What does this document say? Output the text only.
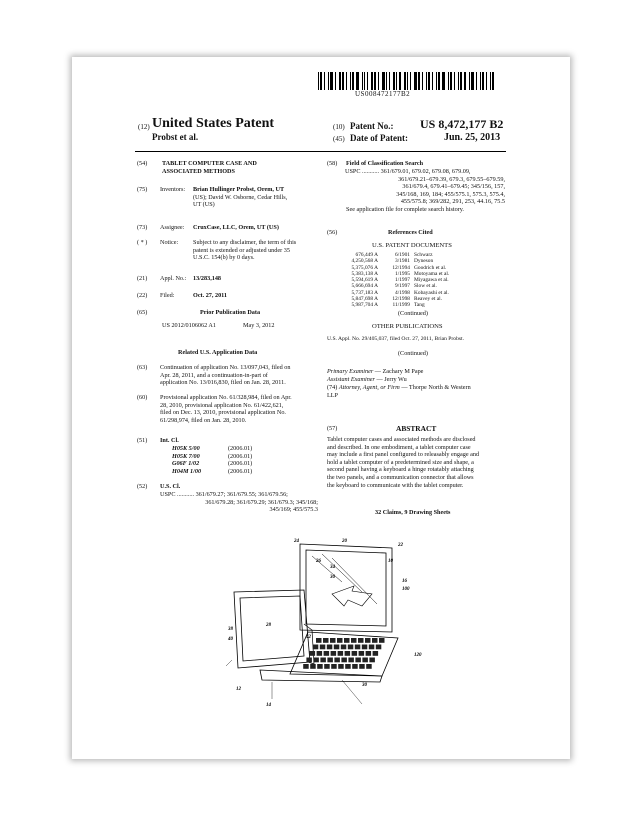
US008472177B2
(12) United States Patent
Probst et al.
(10) Patent No.: US 8,472,177 B2
(45) Date of Patent:	Jun. 25, 2013
(54) TABLET COMPUTER CASE AND
ASSOCIATED METHODS
(75) Inventors: Brian Hullinger Probst, Orem, UT
(US); David W. Osborne, Cedar Hills,
UT (US)
(73) Assignee: CruxCase, LLC, Orem, UT (US)
( * ) Notice: Subject to any disclaimer, the term of this
patent is extended or adjusted under 35
U.S.C. 154(b) by 0 days.
(21) Appl. No.: 13/283,148
(22) Filed:	Oct. 27, 2011
(65)	Prior Publication Data
US 2012/0106062 A1	May 3, 2012
Related U.S. Application Data
(63) Continuation of application No. 13/097,043, filed on
Apr. 28, 2011, and a continuation-in-part of
application No. 13/016,830, filed on Jan. 28, 2011.
(60) Provisional application No. 61/328,984, filed on Apr.
28, 2010, provisional application No. 61/422,621,
filed on Dec. 13, 2010, provisional application No.
61/298,974, filed on Jan. 28, 2010.
(51) Int. Cl.
H05K 5/00	(2006.01)
H05K 7/00	(2006.01)
G06F 1/02	(2006.01)
H04M 1/00	(2006.01)
(52) U.S. Cl.
USPC ........... 361/679.27; 361/679.55; 361/679.56;
361/679.28; 361/679.29; 361/679.3; 345/168;
345/169; 455/575.3
(58) Field of Classification Search
USPC ........... 361/679.01, 679.02, 679.08, 679.09,
361/679.21–679.39, 679.3, 679.55–679.59,
361/679.4, 679.41–679.45; 345/156, 157,
345/168, 169, 184; 455/575.1, 575.3, 575.4,
455/575.8; 369/282, 291, 253, 44.16, 75.5
See application file for complete search history.
(56)	References Cited
U.S. PATENT DOCUMENTS
676,449 A	6/1901 Schwarz
4,250,568 A	3/1981 Dyneson
5,375,076 A	12/1994 Goodrich et al.
5,383,138 A	1/1995 Motoyama et al.
5,594,619 A	1/1997 Miyagawa et al.
5,666,694 A	9/1997 Slow et al.
5,737,183 A	4/1998 Kobayashi et al.
5,847,698 A	12/1998 Reavey et al.
5,987,704 A	11/1999 Tang
(Continued)
OTHER PUBLICATIONS
U.S. Appl. No. 29/405,037, filed Oct. 27, 2011, Brian Probst.
(Continued)
Primary Examiner — Zachary M Pape
Assistant Examiner — Jerry Wu
(74) Attorney, Agent, or Firm — Thorpe North & Western
LLP
(57)	ABSTRACT
Tablet computer cases and associated methods are disclosed
and described. In one embodiment, a tablet computer case
may include a first panel configured to releasably engage and
hold a tablet computer of a predetermined size and shape, a
second panel having a keyboard a hinge rotatably attaching
the two panels, and a communication connector that allows
the keyboard to communicate with the tablet computer.
32 Claims, 9 Drawing Sheets
20
22
24
26
16
100
10
38
40
28
30
12
14
34
36
120
42
